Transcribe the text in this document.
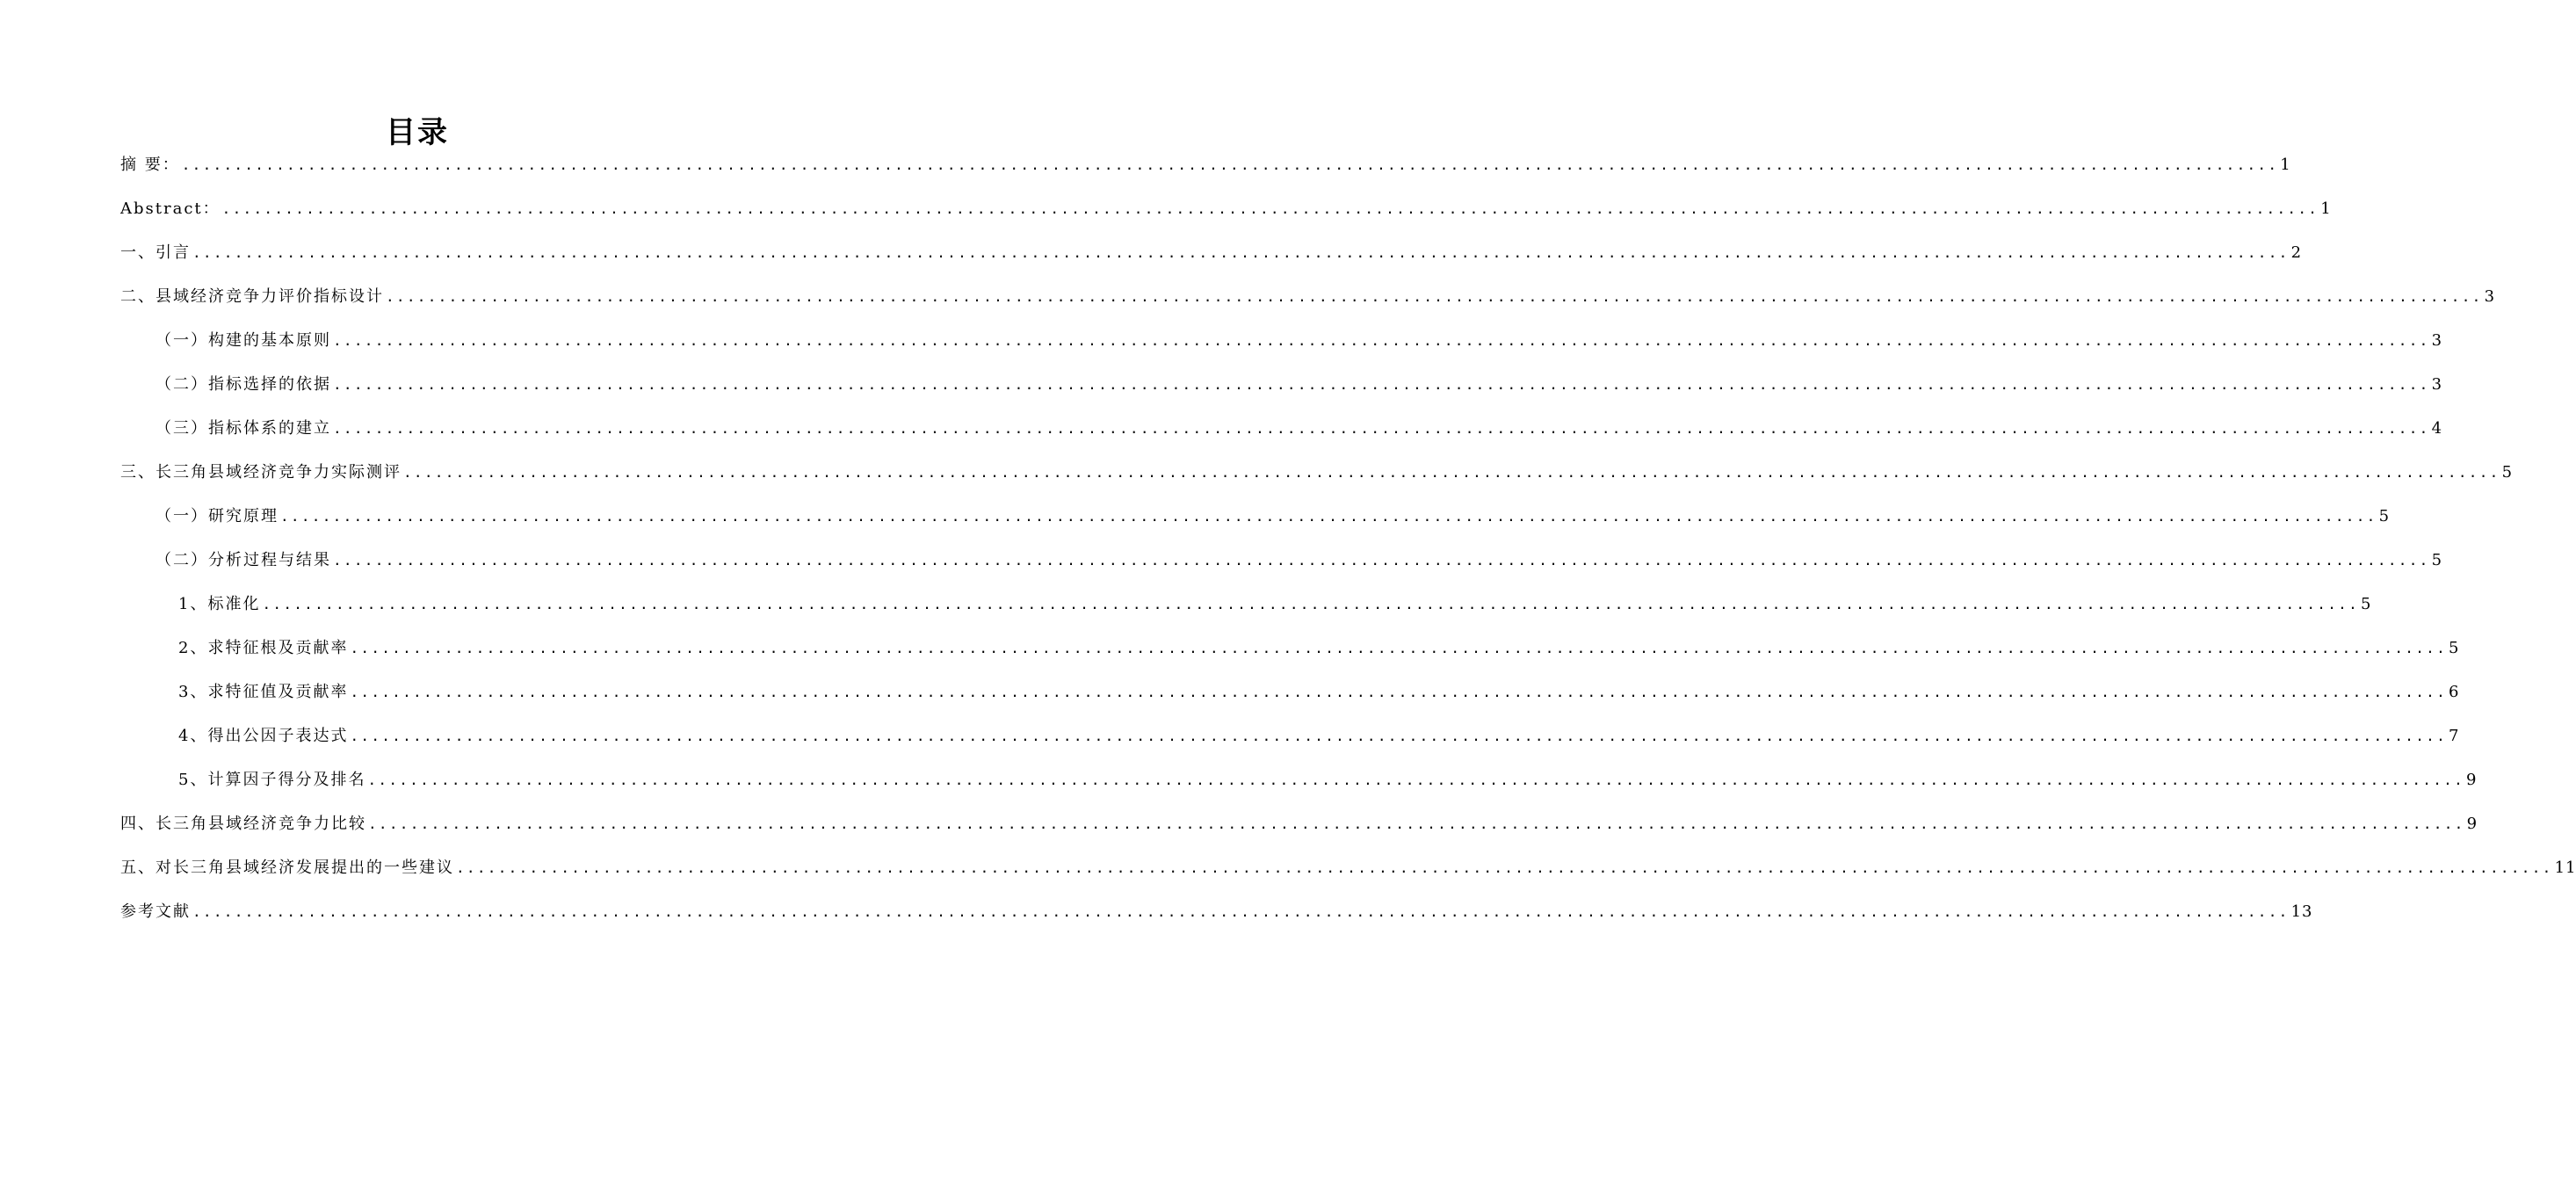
目录
摘 要： ........................................................................................................................................................................................................ 1
Abstract： ........................................................................................................................................................................................................ 1
一、引言 ........................................................................................................................................................................................................ 2
二、县域经济竞争力评价指标设计 ........................................................................................................................................................................................................ 3
（一）构建的基本原则 ........................................................................................................................................................................................................ 3
（二）指标选择的依据 ........................................................................................................................................................................................................ 3
（三）指标体系的建立 ........................................................................................................................................................................................................ 4
三、长三角县域经济竞争力实际测评 ........................................................................................................................................................................................................ 5
（一）研究原理 ........................................................................................................................................................................................................ 5
（二）分析过程与结果 ........................................................................................................................................................................................................ 5
1、标准化 ........................................................................................................................................................................................................ 5
2、求特征根及贡献率 ........................................................................................................................................................................................................ 5
3、求特征值及贡献率 ........................................................................................................................................................................................................ 6
4、得出公因子表达式 ........................................................................................................................................................................................................ 7
5、计算因子得分及排名 ........................................................................................................................................................................................................ 9
四、长三角县域经济竞争力比较 ........................................................................................................................................................................................................ 9
五、对长三角县域经济发展提出的一些建议 ........................................................................................................................................................................................................ 11
参考文献 ........................................................................................................................................................................................................ 13
